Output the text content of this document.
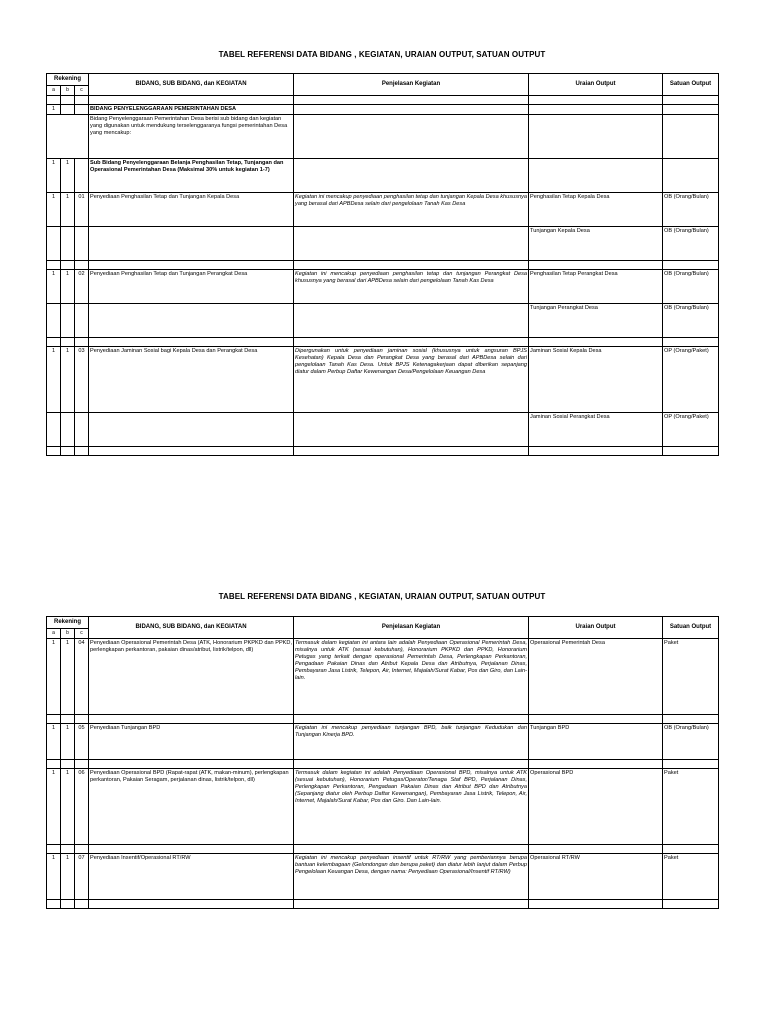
TABEL REFERENSI DATA BIDANG , KEGIATAN, URAIAN OUTPUT, SATUAN OUTPUT
Rekening			BIDANG, SUB BIDANG, dan KEGIATAN	Penjelasan Kegiatan	Uraian Output	Satuan Output
a	b	c				

1			BIDANG PENYELENGGARAAN PEMERINTAHAN DESA			
			Bidang Penyelenggaraan Pemerintahan Desa berisi sub bidang dan kegiatan yang digunakan untuk mendukung terselenggaranya fungsi pemerintahan Desa yang mencakup:			
1	1		Sub Bidang Penyelenggaraan Belanja Penghasilan Tetap, Tunjangan dan Operasional Pemerintahan Desa (Maksimal 30% untuk kegiatan 1-7)			
1	1	01	Penyediaan Penghasilan Tetap dan Tunjangan Kepala Desa	Kegiatan ini mencakup penyediaan penghasilan tetap dan tunjangan Kepala Desa khususnya yang berasal dari APBDesa selain dari pengelolaan Tanah Kas Desa	Penghasilan Tetap Kepala Desa	OB (Orang/Bulan)
					Tunjangan Kepala Desa	OB (Orang/Bulan)

1	1	02	Penyediaan Penghasilan Tetap dan Tunjangan Perangkat Desa	Kegiatan ini mencakup penyediaan penghasilan tetap dan tunjangan Perangkat Desa khususnya yang berasal dari APBDesa selain dari pengelolaan Tanah Kas Desa	Penghasilan Tetap Perangkat Desa	OB (Orang/Bulan)
					Tunjangan Perangkat Desa	OB (Orang/Bulan)

1	1	03	Penyediaan Jaminan Sosial bagi Kepala Desa dan Perangkat Desa	Dipergunakan untuk penyediaan jaminan sosial (khususnya untuk angsuran BPJS Kesehatan) Kepala Desa dan Perangkat Desa yang berasal dari APBDesa selain dari pengelolaan Tanah Kas Desa. Untuk BPJS Ketenagakerjaan dapat diberikan sepanjang diatur dalam Perbup Daftar Kewenangan Desa/Pengelolaan Keuangan Desa	Jaminan Sosial Kepala Desa	OP (Orang/Paket)
					Jaminan Sosial Perangkat Desa	OP (Orang/Paket)

TABEL REFERENSI DATA BIDANG , KEGIATAN, URAIAN OUTPUT, SATUAN OUTPUT
Rekening			BIDANG, SUB BIDANG, dan KEGIATAN	Penjelasan Kegiatan	Uraian Output	Satuan Output
a	b	c				
1	1	04	Penyediaan Operasional Pemerintah Desa (ATK, Honorarium PKPKD dan PPKD, perlengkapan perkantoran, pakaian dinas/atribut, listrik/telpon, dll)	Termasuk dalam kegiatan ini antara lain adalah Penyediaan Operasional Pemerintah Desa, misalnya untuk ATK (sesuai kebutuhan), Honorarium PKPKD dan PPKD, Honorarium Petugas yang terkait dengan operasional Pemerintah Desa, Perlengkapan Perkantoran, Pengadaan Pakaian Dinas dan Atribut Kepala Desa dan Atributnya, Perjalanan Dinas, Pembayaran Jasa Listrik, Telepon, Air, Internet, Majalah/Surat Kabar, Pos dan Giro, dan Lain-lain.	Operasional Pemerintah Desa	Paket

1	1	05	Penyediaan Tunjangan BPD	Kegiatan ini mencakup penyediaan tunjangan BPD, baik tunjangan Kedudukan dan Tunjangan Kinerja BPD.	Tunjangan BPD	OB (Orang/Bulan)

1	1	06	Penyediaan Operasional BPD (Rapat-rapat (ATK, makan-minum), perlengkapan perkantoran, Pakaian Seragam, perjalanan dinas, listrik/telpon, dll)	Termasuk dalam kegiatan ini adalah Penyediaan Operasional BPD, misalnya untuk ATK (sesuai kebutuhan), Honorarium Petugas/Operator/Tenaga Staf BPD, Perjalanan Dinas, Perlengkapan Perkantoran, Pengadaan Pakaian Dinas dan Atribut BPD dan Atributnya (Sepanjang diatur oleh Perbup Daftar Kewenangan), Pembayaran Jasa Listrik, Telepon, Air, Internet, Majalah/Surat Kabar, Pos dan Giro. Dan Lain-lain.	Operasional BPD	Paket

1	1	07	Penyediaan Insentif/Operasional RT/RW	Kegiatan ini mencakup penyediaan insentif untuk RT/RW yang pemberiannya berupa bantuan kelembagaan (Gelondongan dan berupa paket) dan diatur lebih lanjut dalam Perbup Pengelolaan Keuangan Desa, dengan nama: Penyediaan Operasional/Insentif RT/RW)	Operasional RT/RW	Paket
